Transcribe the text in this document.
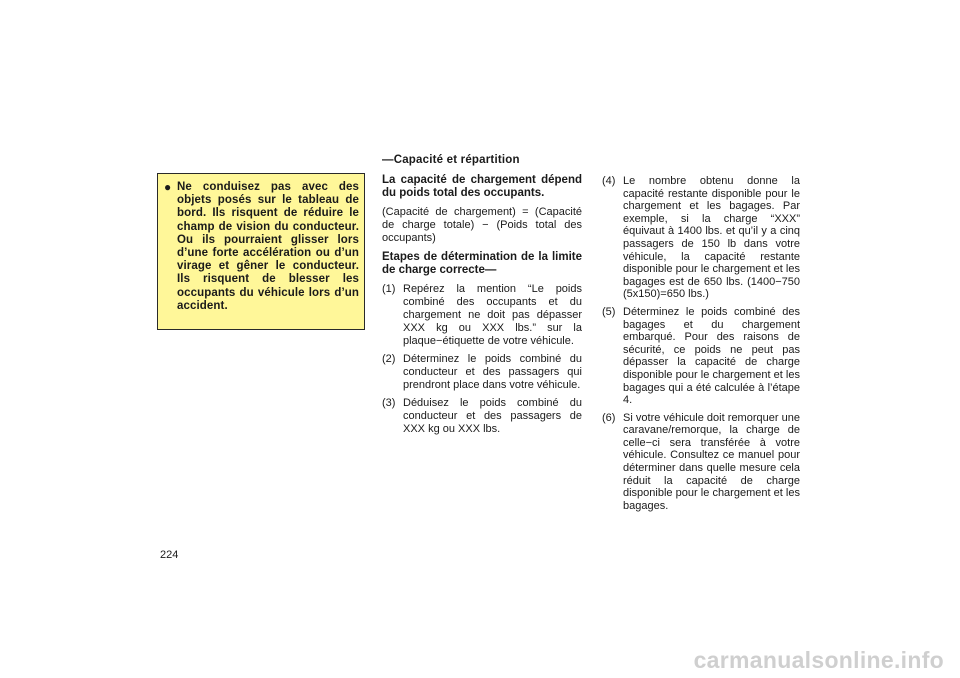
● Ne conduisez pas avec des objets posés sur le tableau de bord. Ils risquent de réduire le champ de vision du conducteur. Ou ils pourraient glisser lors d’une forte accélération ou d’un virage et gêner le conducteur. Ils risquent de blesser les occupants du véhicule lors d’un accident.
—Capacité et répartition
La capacité de chargement dépend du poids total des occupants.
(Capacité de chargement) = (Capacité de charge totale) − (Poids total des occupants)
Etapes de détermination de la limite de charge correcte—
(1) Repérez la mention “Le poids combiné des occupants et du chargement ne doit pas dépasser XXX kg ou XXX lbs.” sur la plaque−étiquette de votre véhicule.
(2) Déterminez le poids combiné du conducteur et des passagers qui prendront place dans votre véhicule.
(3) Déduisez le poids combiné du conducteur et des passagers de XXX kg ou XXX lbs.
(4) Le nombre obtenu donne la capacité restante disponible pour le chargement et les bagages. Par exemple, si la charge “XXX” équivaut à 1400 lbs. et qu’il y a cinq passagers de 150 lb dans votre véhicule, la capacité restante disponible pour le chargement et les bagages est de 650 lbs. (1400−750 (5x150)=650 lbs.)
(5) Déterminez le poids combiné des bagages et du chargement embarqué. Pour des raisons de sécurité, ce poids ne peut pas dépasser la capacité de charge disponible pour le chargement et les bagages qui a été calculée à l’étape 4.
(6) Si votre véhicule doit remorquer une caravane/remorque, la charge de celle−ci sera transférée à votre véhicule. Consultez ce manuel pour déterminer dans quelle mesure cela réduit la capacité de charge disponible pour le chargement et les bagages.
224
carmanualsonline.info
